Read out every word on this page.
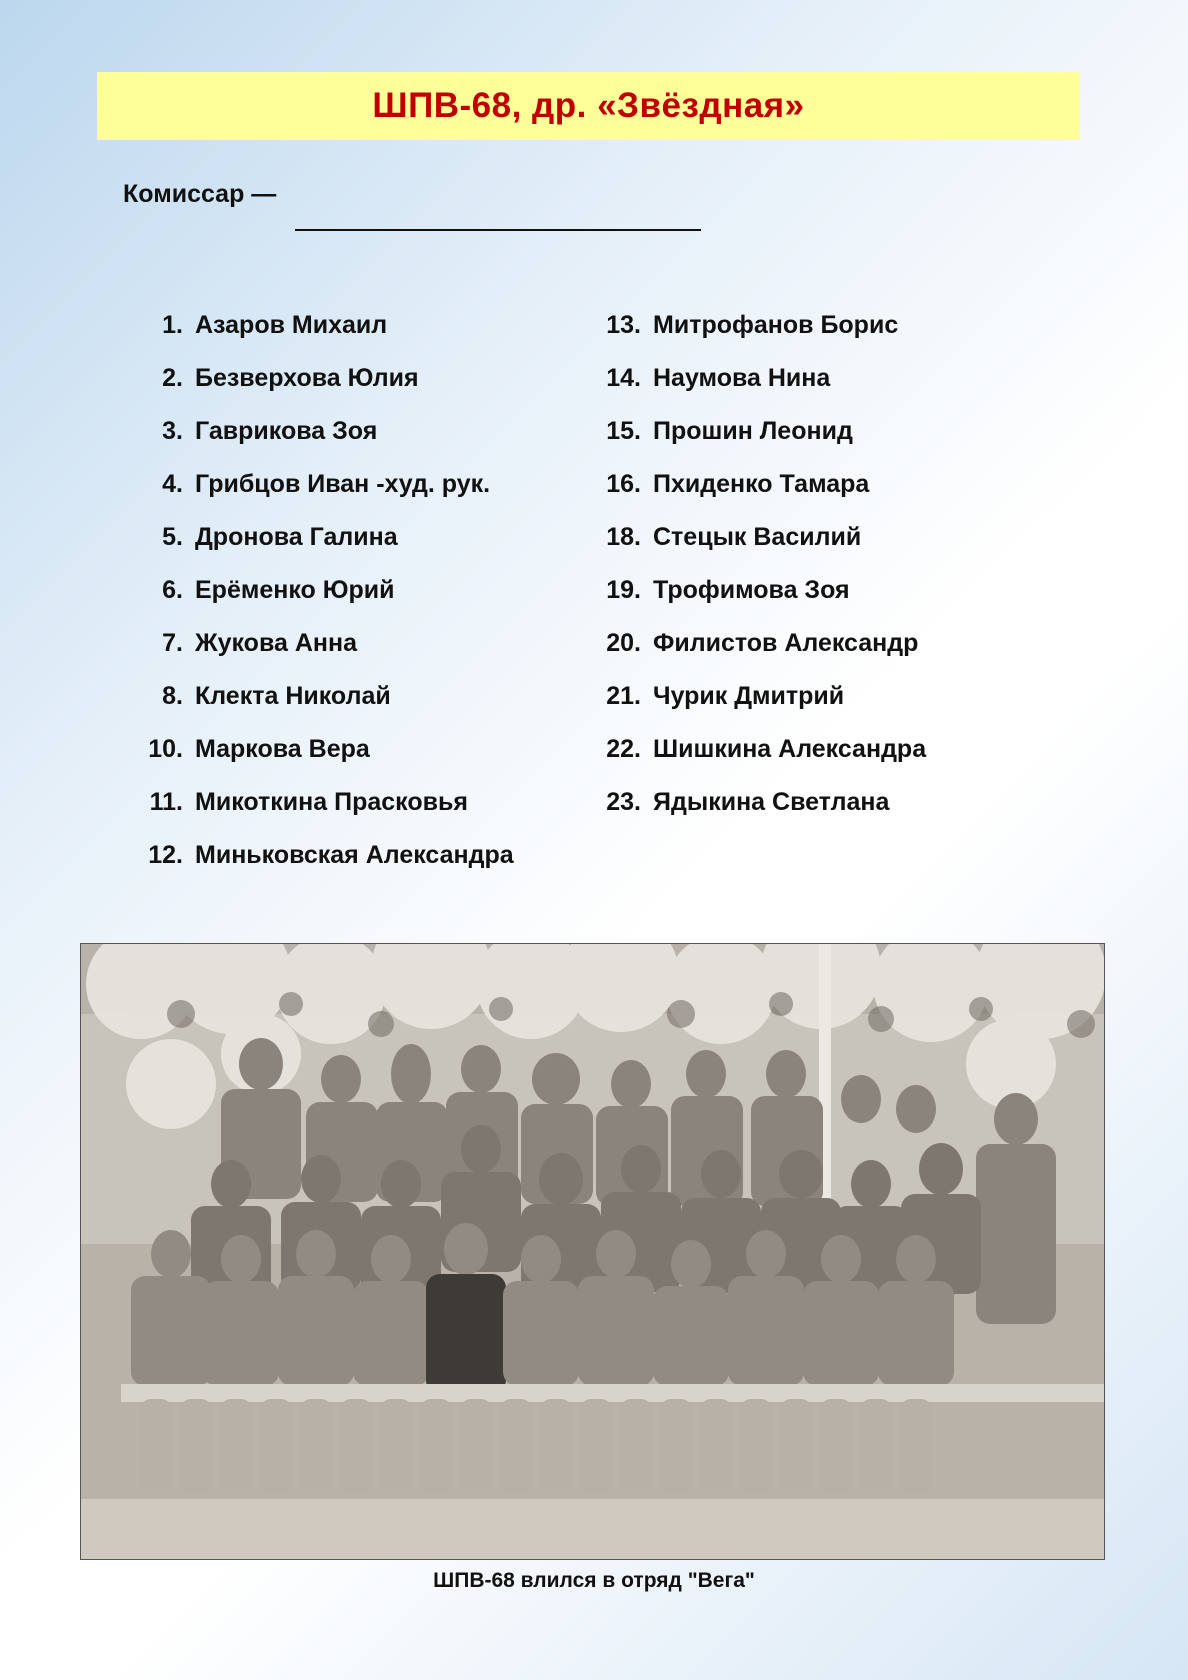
ШПВ-68, др. «Звёздная»
Комиссар —
1. Азаров Михаил
2. Безверхова Юлия
3. Гаврикова Зоя
4. Грибцов Иван -худ. рук.
5. Дронова Галина
6. Ерёменко Юрий
7. Жукова Анна
8. Клекта Николай
10. Маркова Вера
11. Микоткина Прасковья
12. Миньковская Александра
13. Митрофанов Борис
14. Наумова Нина
15. Прошин Леонид
16. Пхиденко Тамара
18. Стецык Василий
19. Трофимова Зоя
20. Филистов Александр
21. Чурик Дмитрий
22. Шишкина Александра
23. Ядыкина Светлана
ШПВ-68 влился в отряд "Вега"
